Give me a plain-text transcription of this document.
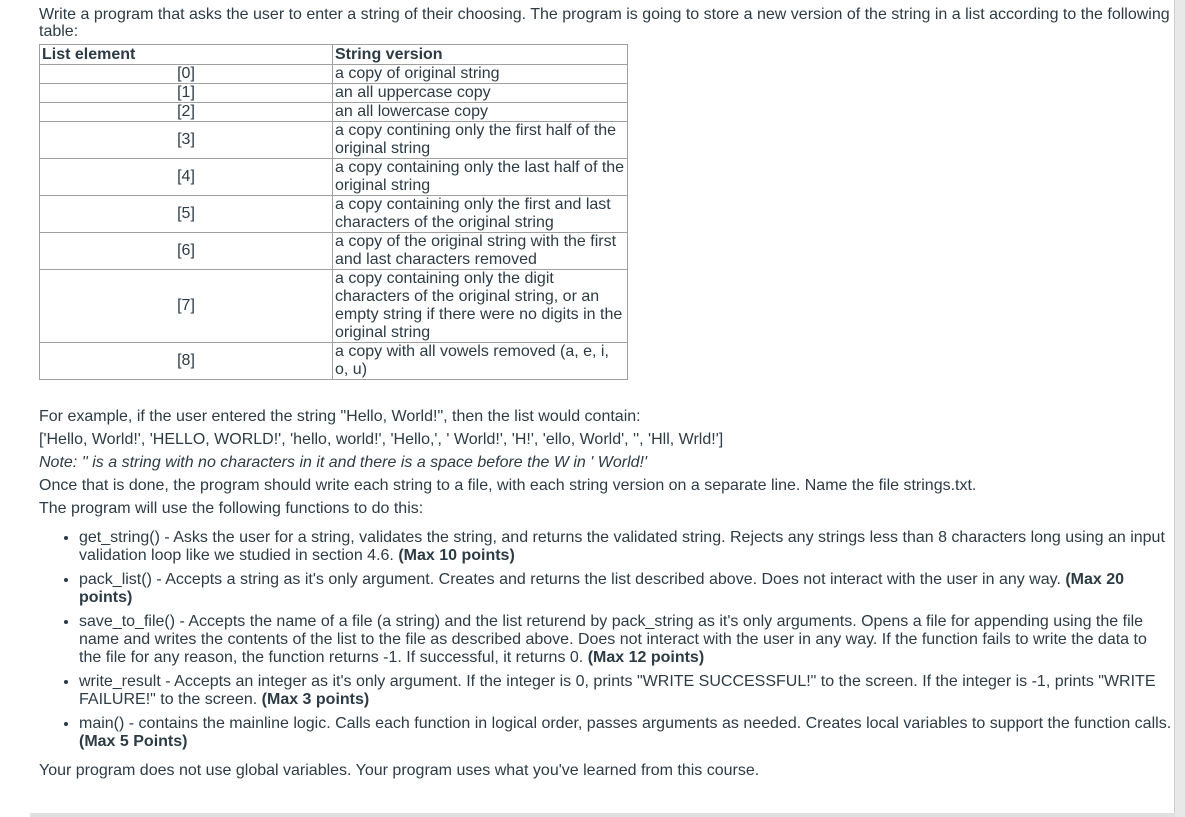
Write a program that asks the user to enter a string of their choosing. The program is going to store a new version of the string in a list according to the following table:

List element	String version
[0]	a copy of original string
[1]	an all uppercase copy
[2]	an all lowercase copy
[3]	a copy contining only the first half of the original string
[4]	a copy containing only the last half of the original string
[5]	a copy containing only the first and last characters of the original string
[6]	a copy of the original string with the first and last characters removed
[7]	a copy containing only the digit characters of the original string, or an empty string if there were no digits in the original string
[8]	a copy with all vowels removed (a, e, i, o, u)

For example, if the user entered the string "Hello, World!", then the list would contain:

['Hello, World!', 'HELLO, WORLD!', 'hello, world!', 'Hello,', ' World!', 'H!', 'ello, World', '', 'Hll, Wrld!']

Note: '' is a string with no characters in it and there is a space before the W in ' World!'

Once that is done, the program should write each string to a file, with each string version on a separate line. Name the file strings.txt.

The program will use the following functions to do this:

• get_string() - Asks the user for a string, validates the string, and returns the validated string. Rejects any strings less than 8 characters long using an input validation loop like we studied in section 4.6. (Max 10 points)
• pack_list() - Accepts a string as it's only argument. Creates and returns the list described above. Does not interact with the user in any way. (Max 20 points)
• save_to_file() - Accepts the name of a file (a string) and the list returend by pack_string as it's only arguments. Opens a file for appending using the file name and writes the contents of the list to the file as described above. Does not interact with the user in any way. If the function fails to write the data to the file for any reason, the function returns -1. If successful, it returns 0. (Max 12 points)
• write_result - Accepts an integer as it's only argument. If the integer is 0, prints "WRITE SUCCESSFUL!" to the screen. If the integer is -1, prints "WRITE FAILURE!" to the screen. (Max 3 points)
• main() - contains the mainline logic. Calls each function in logical order, passes arguments as needed. Creates local variables to support the function calls. (Max 5 Points)

Your program does not use global variables. Your program uses what you've learned from this course.
